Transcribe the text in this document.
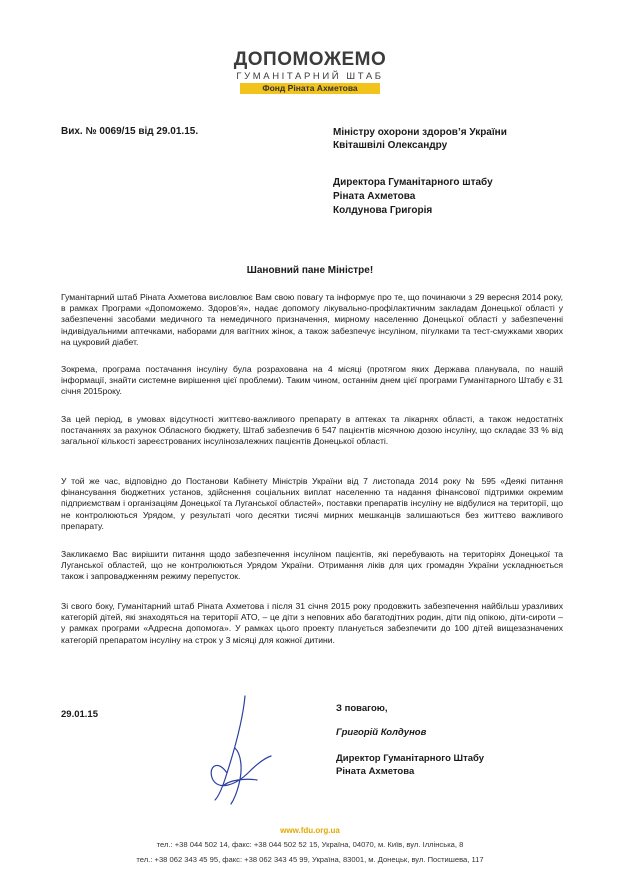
ДОПОМОЖЕМО
ГУМАНІТАРНИЙ ШТАБ
Фонд Ріната Ахметова
Вих. № 0069/15 від 29.01.15.	Міністру охорони здоров’я України
Квіташвілі Олександру
Директора Гуманітарного штабу
Ріната Ахметова
Колдунова Григорія
Шановний пане Міністре!
Гуманітарний штаб Ріната Ахметова висловлює Вам свою повагу та інформує про те, що починаючи з 29 вересня 2014 року, в рамках Програми «Допоможемо. Здоров’я», надає допомогу лікувально-профілактичним закладам Донецької області у забезпеченні засобами медичного та немедичного призначення, мирному населенню Донецької області у забезпеченні індивідуальними аптечками, наборами для вагітних жінок, а також забезпечує інсуліном, пігулками та тест-смужками хворих на цукровий діабет.
Зокрема, програма постачання інсуліну була розрахована на 4 місяці (протягом яких Держава планувала, по нашій інформації, знайти системне вирішення цієї проблеми). Таким чином, останнім днем цієї програми Гуманітарного Штабу є 31 січня 2015року.
За цей період, в умовах відсутності життєво-важливого препарату в аптеках та лікарнях області, а також недостатніх постачаннях за рахунок Обласного бюджету, Штаб забезпечив 6 547 пацієнтів місячною дозою інсуліну, що складає 33 % від загальної кількості зареєстрованих інсулінозалежних пацієнтів Донецької області.
У той же час, відповідно до Постанови Кабінету Міністрів України від 7 листопада 2014 року № 595 «Деякі питання фінансування бюджетних установ, здійснення соціальних виплат населенню та надання фінансової підтримки окремим підприємствам і організаціям Донецької та Луганської областей», поставки препаратів інсуліну не відбулися на території, що не контролюються Урядом, у результаті чого десятки тисячі мирних мешканців залишаються без життєво важливого препарату.
Закликаємо Вас вирішити питання щодо забезпечення інсуліном пацієнтів, які перебувають на територіях Донецької та Луганської областей, що не контролюються Урядом України. Отримання ліків для цих громадян України ускладнюється також і запровадженням режиму перепусток.
Зі свого боку, Гуманітарний штаб Ріната Ахметова і після 31 січня 2015 року продовжить забезпечення найбільш уразливих категорій дітей, які знаходяться на території АТО, – це діти з неповних або багатодітних родин, діти під опікою, діти-сироти – у рамках програми «Адресна допомога». У рамках цього проекту планується забезпечити до 100 дітей вищезазначених категорій препаратом інсуліну на строк у 3 місяці для кожної дитини.
29.01.15
З повагою,
Григорій Колдунов
Директор Гуманітарного Штабу
Ріната Ахметова
www.fdu.org.ua
тел.: +38 044 502 14, факс: +38 044 502 52 15, Україна, 04070, м. Київ, вул. Іллінська, 8
тел.: +38 062 343 45 95, факс: +38 062 343 45 99, Україна, 83001, м. Донецьк, вул. Постишева, 117
